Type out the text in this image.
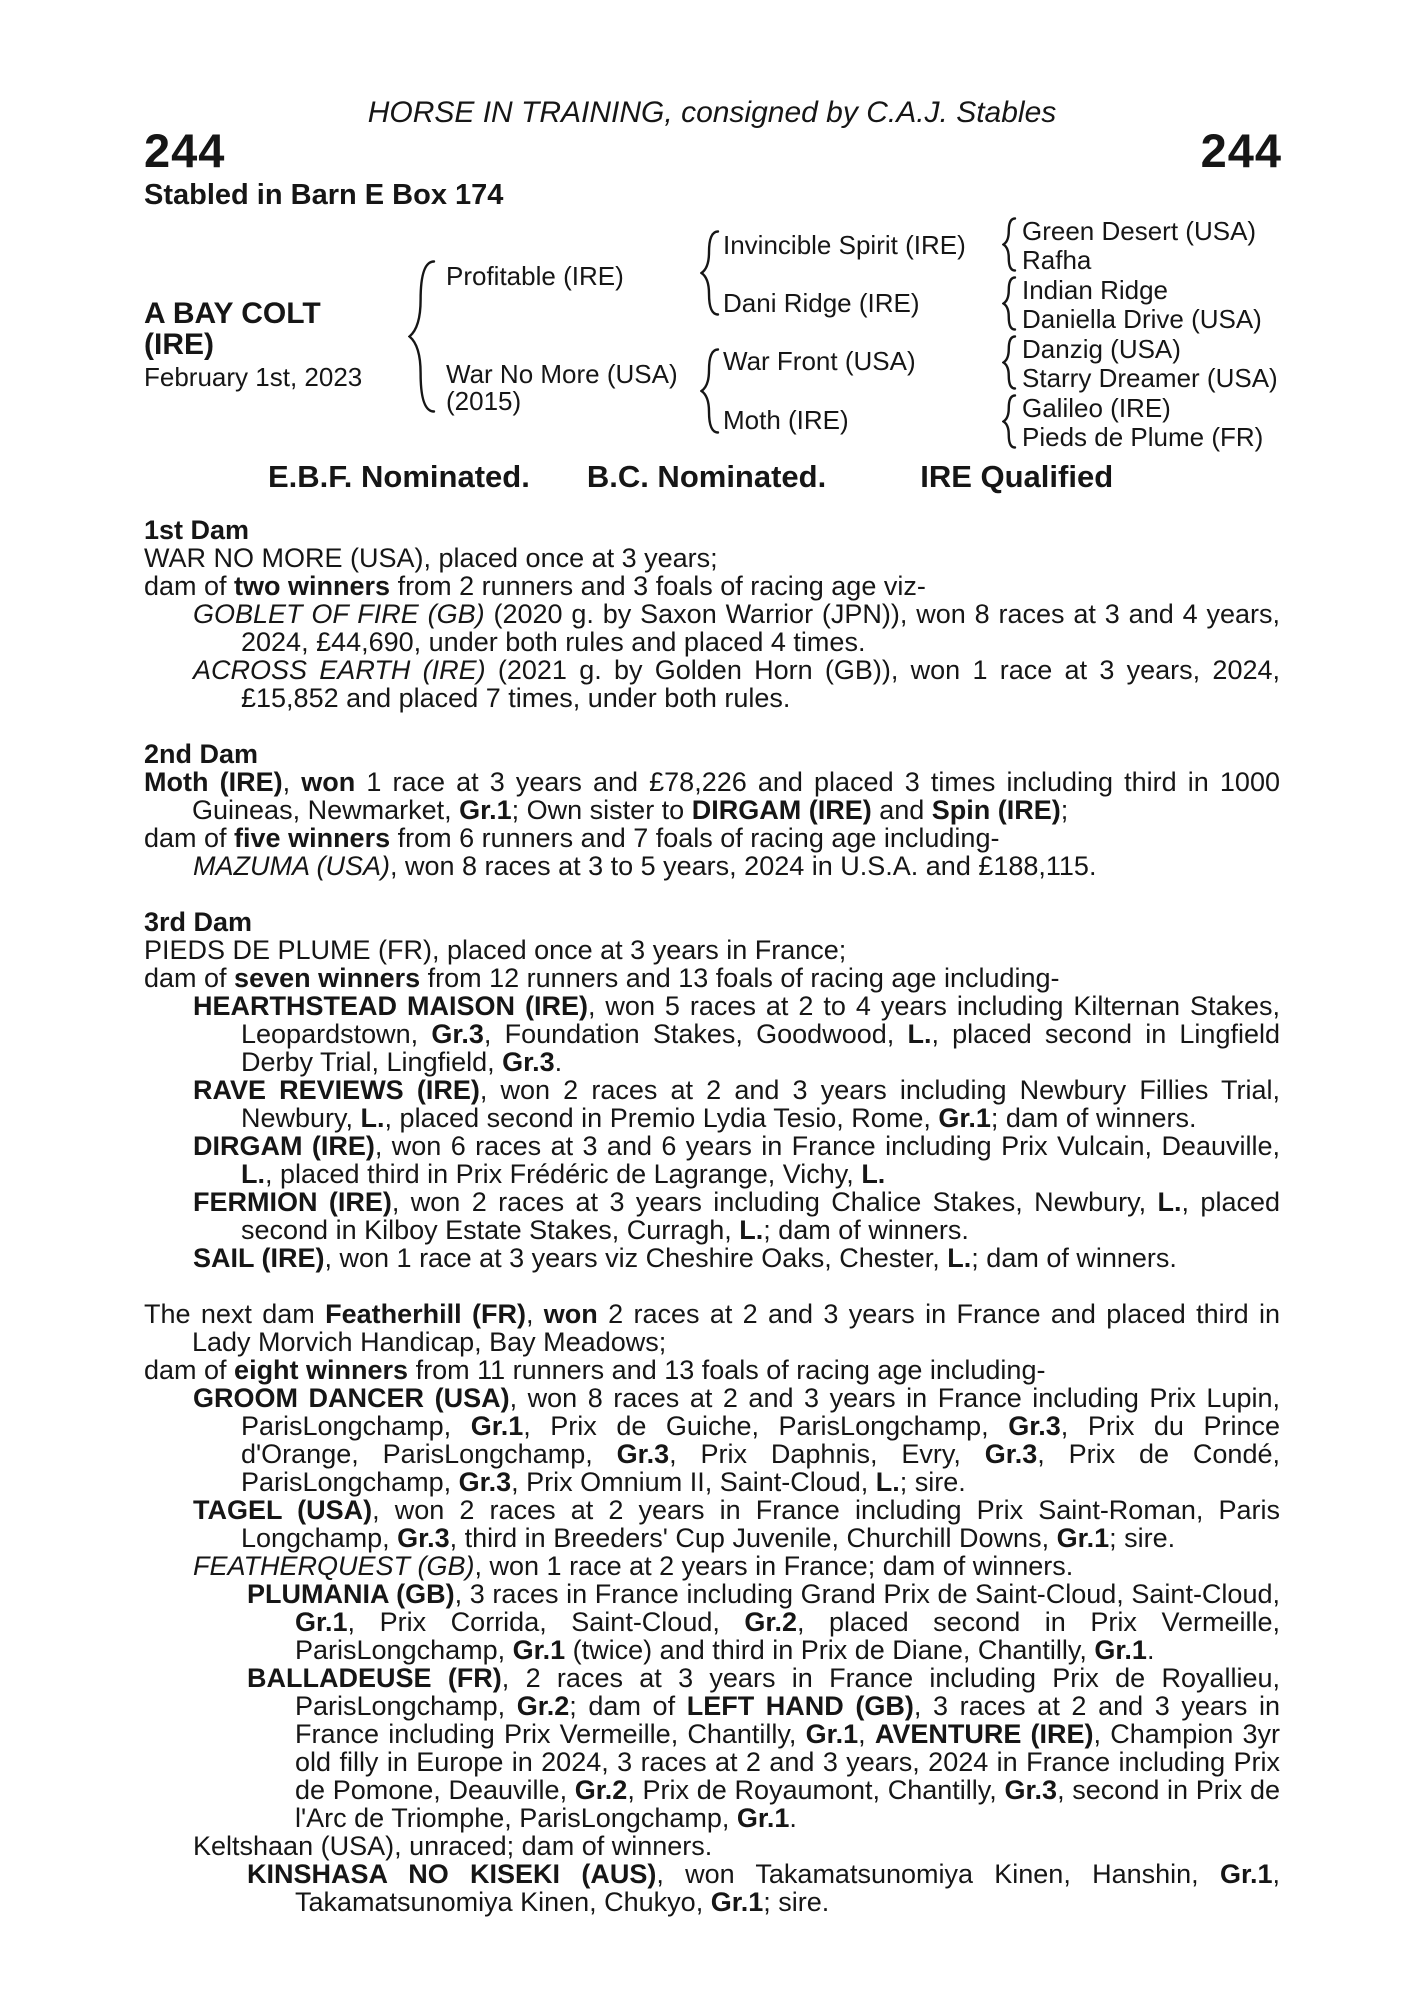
HORSE IN TRAINING, consigned by C.A.J. Stables
244	244
Stabled in Barn E Box 174
A BAY COLT
(IRE)
February 1st, 2023
Profitable (IRE)
War No More (USA)
(2015)
Invincible Spirit (IRE)
Dani Ridge (IRE)
War Front (USA)
Moth (IRE)
Green Desert (USA)
Rafha
Indian Ridge
Daniella Drive (USA)
Danzig (USA)
Starry Dreamer (USA)
Galileo (IRE)
Pieds de Plume (FR)
E.B.F. Nominated. B.C. Nominated.	IRE Qualified

1st Dam

WAR NO MORE (USA), placed once at 3 years;

dam of two winners from 2 runners and 3 foals of racing age viz-

GOBLET OF FIRE (GB) (2020 g. by Saxon Warrior (JPN)), won 8 races at 3 and 4 years, 2024, £44,690, under both rules and placed 4 times.

ACROSS EARTH (IRE) (2021 g. by Golden Horn (GB)), won 1 race at 3 years, 2024, £15,852 and placed 7 times, under both rules.

2nd Dam

Moth (IRE), won 1 race at 3 years and £78,226 and placed 3 times including third in 1000 Guineas, Newmarket, Gr.1; Own sister to DIRGAM (IRE) and Spin (IRE);

dam of five winners from 6 runners and 7 foals of racing age including-

MAZUMA (USA), won 8 races at 3 to 5 years, 2024 in U.S.A. and £188,115.

3rd Dam

PIEDS DE PLUME (FR), placed once at 3 years in France;

dam of seven winners from 12 runners and 13 foals of racing age including-

HEARTHSTEAD MAISON (IRE), won 5 races at 2 to 4 years including Kilternan Stakes, Leopardstown, Gr.3, Foundation Stakes, Goodwood, L., placed second in Lingfield Derby Trial, Lingfield, Gr.3.

RAVE REVIEWS (IRE), won 2 races at 2 and 3 years including Newbury Fillies Trial, Newbury, L., placed second in Premio Lydia Tesio, Rome, Gr.1; dam of winners.

DIRGAM (IRE), won 6 races at 3 and 6 years in France including Prix Vulcain, Deauville, L., placed third in Prix Frédéric de Lagrange, Vichy, L.

FERMION (IRE), won 2 races at 3 years including Chalice Stakes, Newbury, L., placed second in Kilboy Estate Stakes, Curragh, L.; dam of winners.

SAIL (IRE), won 1 race at 3 years viz Cheshire Oaks, Chester, L.; dam of winners.

The next dam Featherhill (FR), won 2 races at 2 and 3 years in France and placed third in Lady Morvich Handicap, Bay Meadows;

dam of eight winners from 11 runners and 13 foals of racing age including-

GROOM DANCER (USA), won 8 races at 2 and 3 years in France including Prix Lupin, ParisLongchamp, Gr.1, Prix de Guiche, ParisLongchamp, Gr.3, Prix du Prince d'Orange, ParisLongchamp, Gr.3, Prix Daphnis, Evry, Gr.3, Prix de Condé, ParisLongchamp, Gr.3, Prix Omnium II, Saint-Cloud, L.; sire.

TAGEL (USA), won 2 races at 2 years in France including Prix Saint-Roman, Paris Longchamp, Gr.3, third in Breeders' Cup Juvenile, Churchill Downs, Gr.1; sire.

FEATHERQUEST (GB), won 1 race at 2 years in France; dam of winners.

PLUMANIA (GB), 3 races in France including Grand Prix de Saint-Cloud, Saint-Cloud, Gr.1, Prix Corrida, Saint-Cloud, Gr.2, placed second in Prix Vermeille, ParisLongchamp, Gr.1 (twice) and third in Prix de Diane, Chantilly, Gr.1.

BALLADEUSE (FR), 2 races at 3 years in France including Prix de Royallieu, ParisLongchamp, Gr.2; dam of LEFT HAND (GB), 3 races at 2 and 3 years in France including Prix Vermeille, Chantilly, Gr.1, AVENTURE (IRE), Champion 3yr old filly in Europe in 2024, 3 races at 2 and 3 years, 2024 in France including Prix de Pomone, Deauville, Gr.2, Prix de Royaumont, Chantilly, Gr.3, second in Prix de l'Arc de Triomphe, ParisLongchamp, Gr.1.

Keltshaan (USA), unraced; dam of winners.

KINSHASA NO KISEKI (AUS), won Takamatsunomiya Kinen, Hanshin, Gr.1, Takamatsunomiya Kinen, Chukyo, Gr.1; sire.
